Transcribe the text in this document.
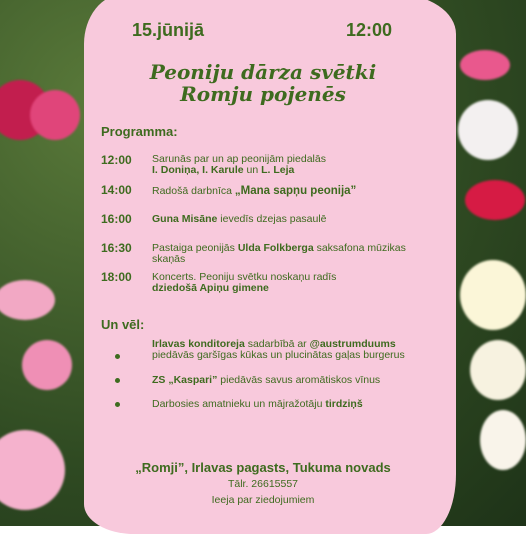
15.jūnijā	12:00
Peoniju dārza svētki
Romju pojenēs
Programma:
12:00 Sarunās par un ap peonijām piedalās
I. Doniņa, I. Karule un L. Leja
14:00 Radošā darbnīca „Mana sapņu peonija”
16:00 Guna Misāne ievedīs dzejas pasaulē
16:30 Pastaiga peonijās Ulda Folkberga saksafona mūzikas
skaņās
18:00 Koncerts. Peoniju svētku noskaņu radīs
dziedošā Apiņu gimene
Un vēl:
Irlavas konditoreja sadarbībā ar @austrumduums
piedāvās garšīgas kūkas un plucinātas gaļas burgerus
ZS „Kaspari” piedāvās savus aromātiskos vīnus
Darbosies amatnieku un mājražotāju tirdziņš
„Romji”, Irlavas pagasts, Tukuma novads
Tālr. 26615557
Ieeja par ziedojumiem
